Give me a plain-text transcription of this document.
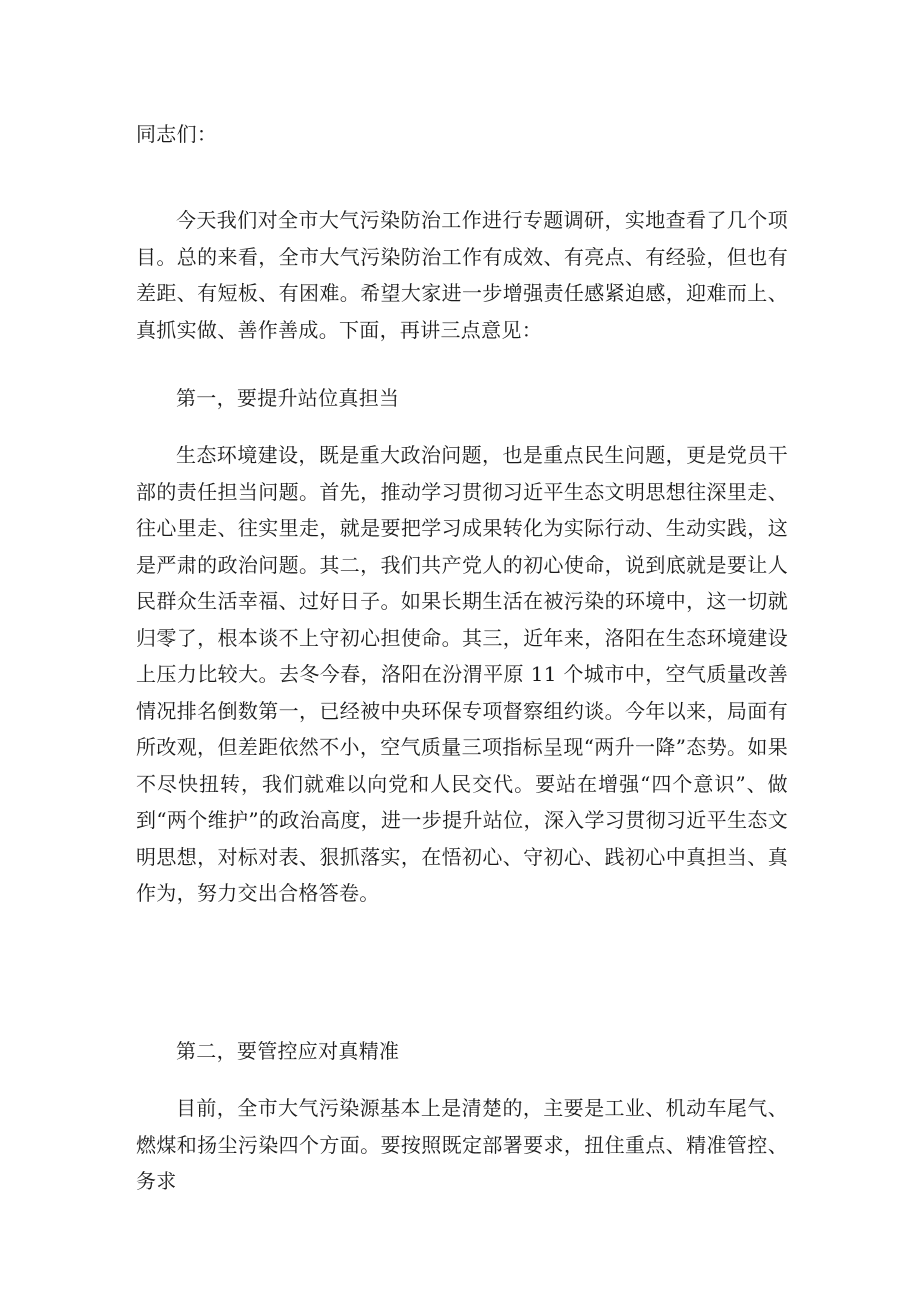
同志们：
今天我们对全市大气污染防治工作进行专题调研，实地查看了几个项目。总的来看，全市大气污染防治工作有成效、有亮点、有经验，但也有差距、有短板、有困难。希望大家进一步增强责任感紧迫感，迎难而上、真抓实做、善作善成。下面，再讲三点意见：
第一，要提升站位真担当
生态环境建设，既是重大政治问题，也是重点民生问题，更是党员干部的责任担当问题。首先，推动学习贯彻习近平生态文明思想往深里走、往心里走、往实里走，就是要把学习成果转化为实际行动、生动实践，这是严肃的政治问题。其二，我们共产党人的初心使命，说到底就是要让人民群众生活幸福、过好日子。如果长期生活在被污染的环境中，这一切就归零了，根本谈不上守初心担使命。其三，近年来，洛阳在生态环境建设上压力比较大。去冬今春，洛阳在汾渭平原 11 个城市中，空气质量改善情况排名倒数第一，已经被中央环保专项督察组约谈。今年以来，局面有所改观，但差距依然不小，空气质量三项指标呈现“两升一降”态势。如果不尽快扭转，我们就难以向党和人民交代。要站在增强“四个意识”、做到“两个维护”的政治高度，进一步提升站位，深入学习贯彻习近平生态文明思想，对标对表、狠抓落实，在悟初心、守初心、践初心中真担当、真作为，努力交出合格答卷。
第二，要管控应对真精准
目前，全市大气污染源基本上是清楚的，主要是工业、机动车尾气、燃煤和扬尘污染四个方面。要按照既定部署要求，扭住重点、精准管控、务求
